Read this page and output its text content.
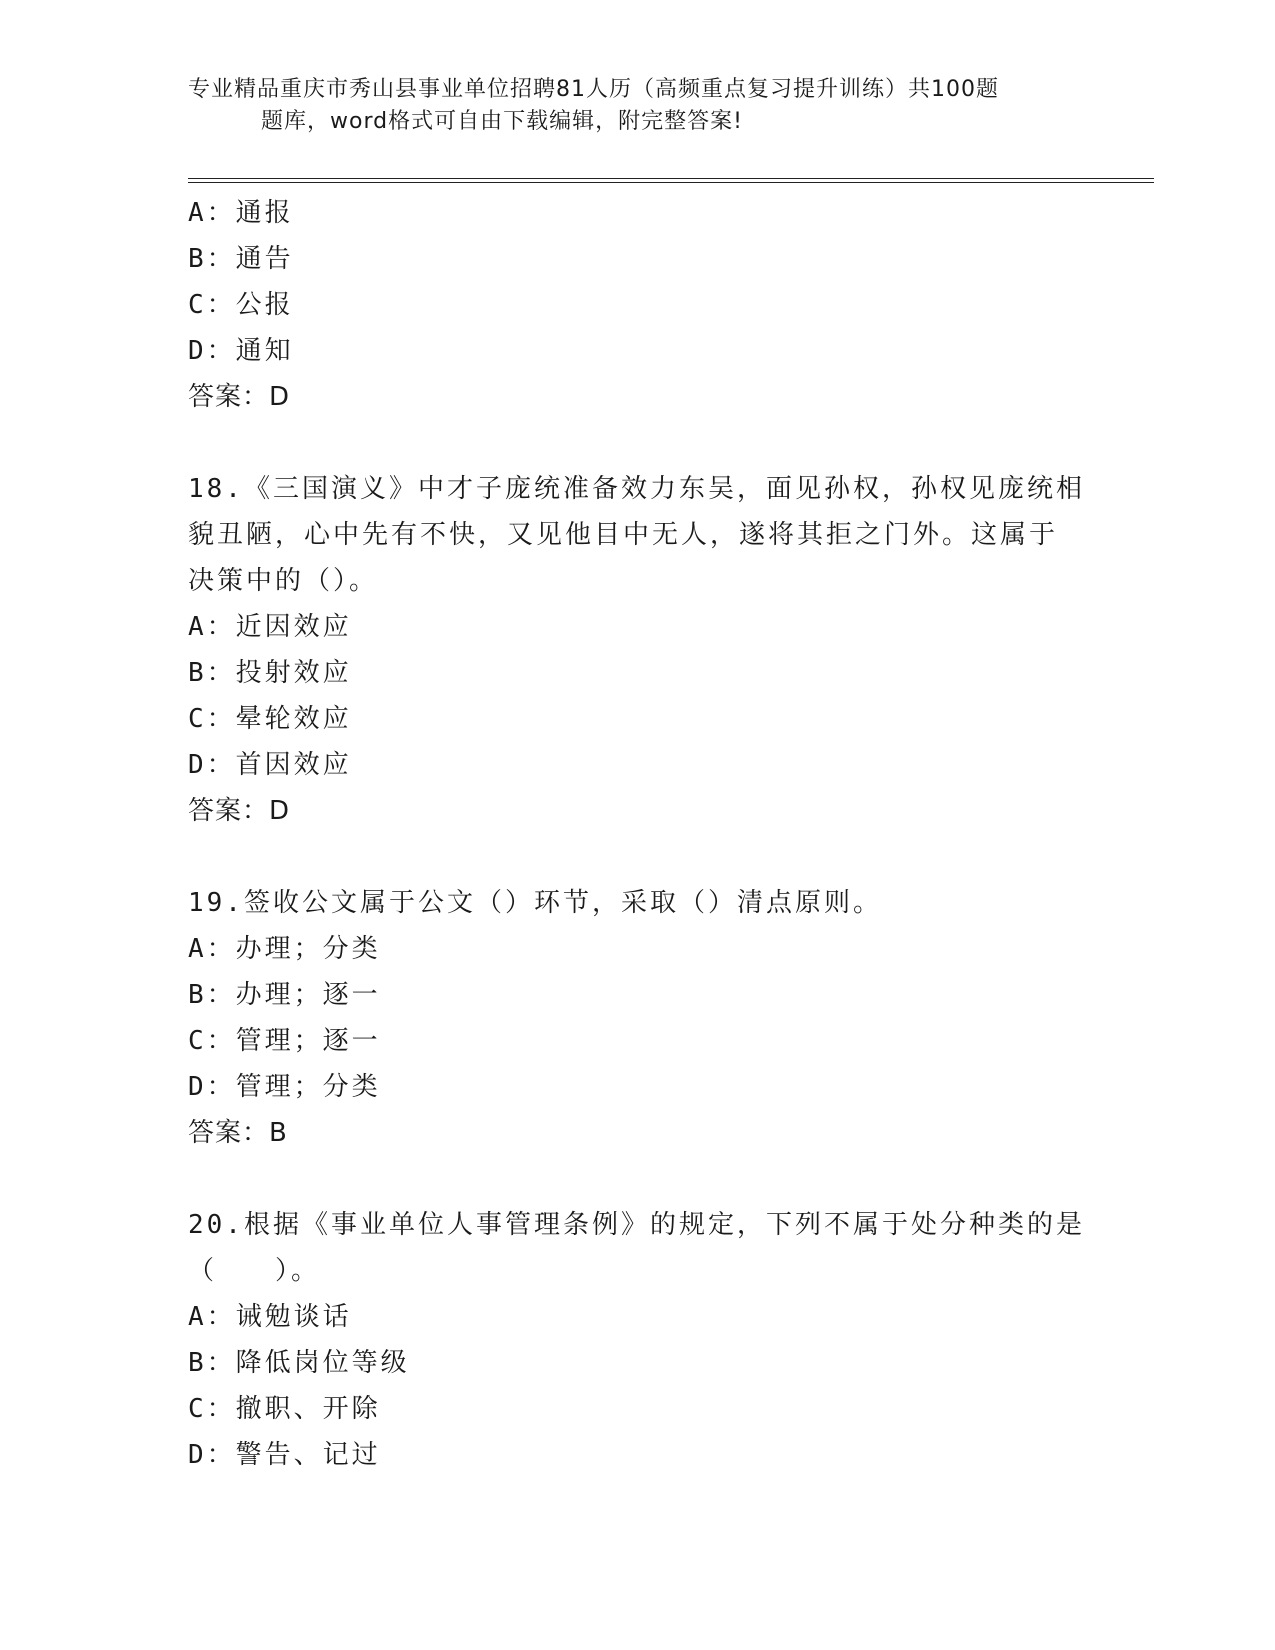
专业精品重庆市秀山县事业单位招聘81人历（高频重点复习提升训练）共100题
题库，word格式可自由下载编辑，附完整答案!
A：通报
B：通告
C：公报
D：通知
答案：D
18.《三国演义》中才子庞统准备效力东吴，面见孙权，孙权见庞统相
貌丑陋，心中先有不快，又见他目中无人，遂将其拒之门外。这属于
决策中的（）。
A：近因效应
B：投射效应
C：晕轮效应
D：首因效应
答案：D
19.签收公文属于公文（）环节，采取（）清点原则。
A：办理；分类
B：办理；逐一
C：管理；逐一
D：管理；分类
答案：B
20.根据《事业单位人事管理条例》的规定，下列不属于处分种类的是
（　　）。
A：诫勉谈话
B：降低岗位等级
C：撤职、开除
D：警告、记过
